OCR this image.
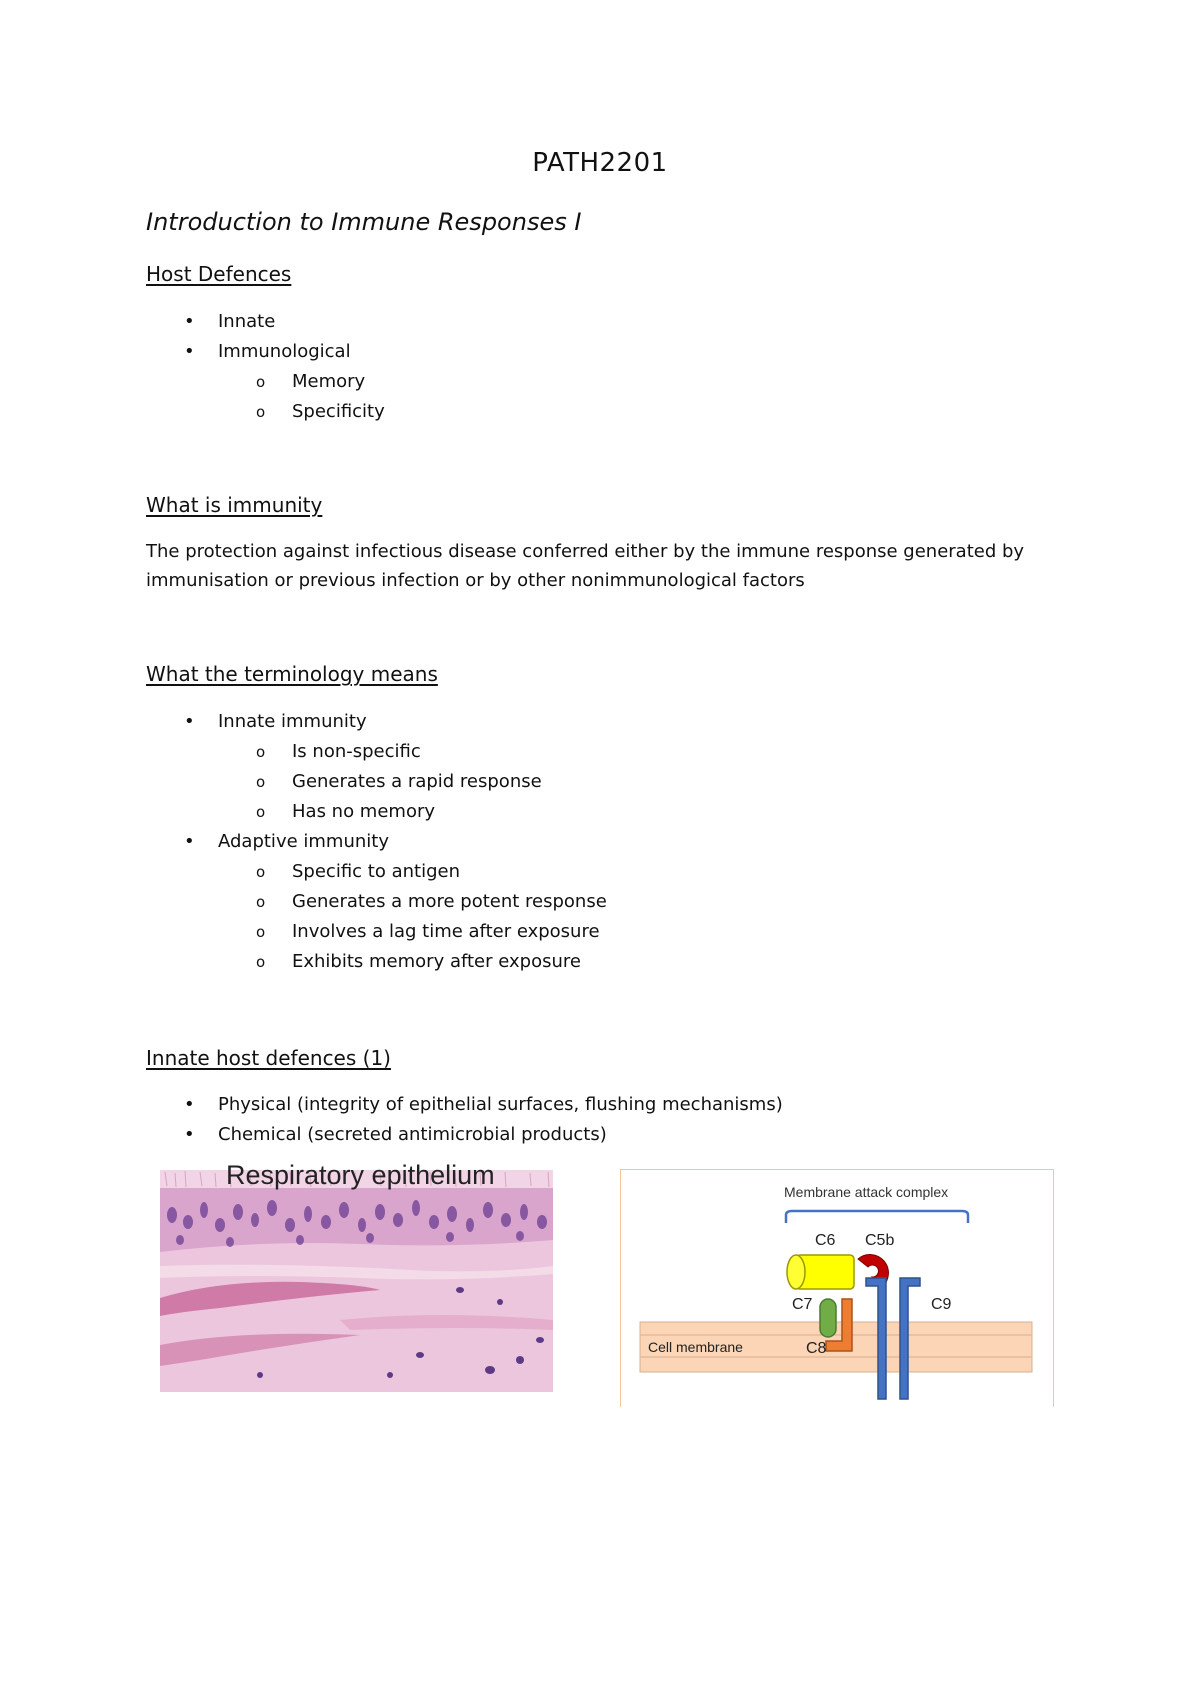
PATH2201
Introduction to Immune Responses I
Host Defences
• Innate
• Immunological
o Memory
o Specificity
What is immunity
The protection against infectious disease conferred either by the immune response generated by
immunisation or previous infection or by other nonimmunological factors
What the terminology means
• Innate immunity
o Is non-specific
o Generates a rapid response
o Has no memory
• Adaptive immunity
o Specific to antigen
o Generates a more potent response
o Involves a lag time after exposure
o Exhibits memory after exposure
Innate host defences (1)
• Physical (integrity of epithelial surfaces, flushing mechanisms)
• Chemical (secreted antimicrobial products)
Respiratory epithelium
Membrane attack complex
C6 C5b
C7	C9
Cell membrane	C8
